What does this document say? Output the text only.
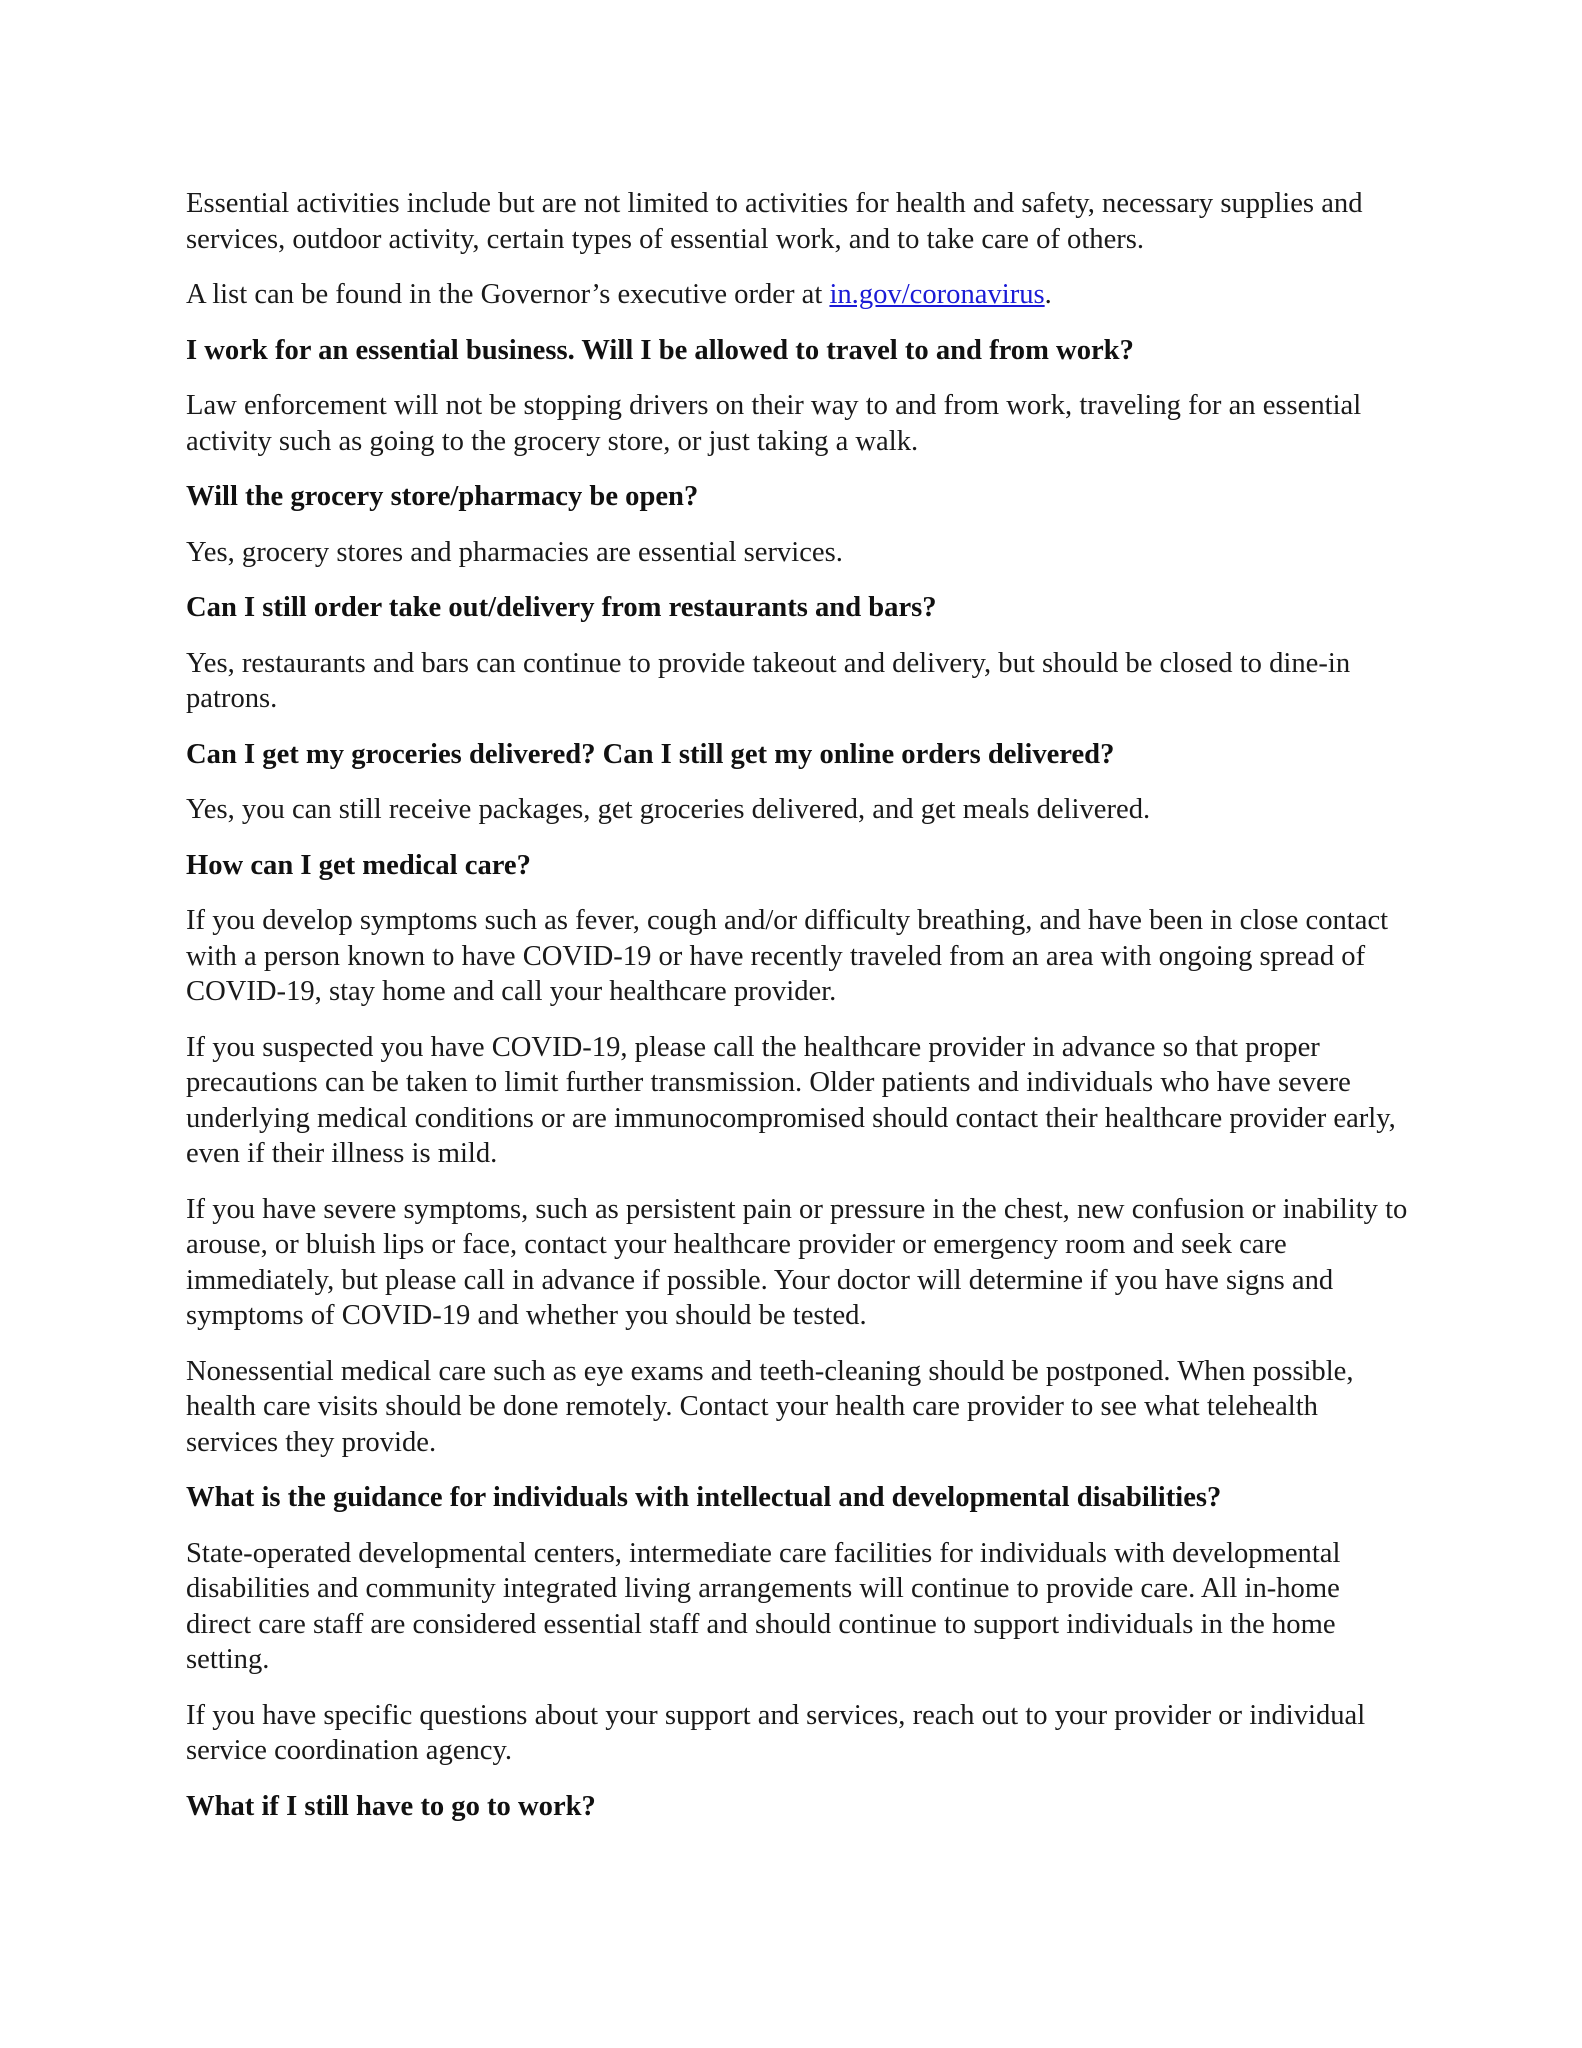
Essential activities include but are not limited to activities for health and safety, necessary supplies and services, outdoor activity, certain types of essential work, and to take care of others.

A list can be found in the Governor’s executive order at in.gov/coronavirus.

I work for an essential business. Will I be allowed to travel to and from work?

Law enforcement will not be stopping drivers on their way to and from work, traveling for an essential activity such as going to the grocery store, or just taking a walk.

Will the grocery store/pharmacy be open?

Yes, grocery stores and pharmacies are essential services.

Can I still order take out/delivery from restaurants and bars?

Yes, restaurants and bars can continue to provide takeout and delivery, but should be closed to dine-in patrons.

Can I get my groceries delivered? Can I still get my online orders delivered?

Yes, you can still receive packages, get groceries delivered, and get meals delivered.

How can I get medical care?

If you develop symptoms such as fever, cough and/or difficulty breathing, and have been in close contact with a person known to have COVID-19 or have recently traveled from an area with ongoing spread of COVID-19, stay home and call your healthcare provider.

If you suspected you have COVID-19, please call the healthcare provider in advance so that proper precautions can be taken to limit further transmission. Older patients and individuals who have severe underlying medical conditions or are immunocompromised should contact their healthcare provider early, even if their illness is mild.

If you have severe symptoms, such as persistent pain or pressure in the chest, new confusion or inability to arouse, or bluish lips or face, contact your healthcare provider or emergency room and seek care immediately, but please call in advance if possible. Your doctor will determine if you have signs and symptoms of COVID-19 and whether you should be tested.

Nonessential medical care such as eye exams and teeth-cleaning should be postponed. When possible, health care visits should be done remotely. Contact your health care provider to see what telehealth services they provide.

What is the guidance for individuals with intellectual and developmental disabilities?

State-operated developmental centers, intermediate care facilities for individuals with developmental disabilities and community integrated living arrangements will continue to provide care. All in-home direct care staff are considered essential staff and should continue to support individuals in the home setting.

If you have specific questions about your support and services, reach out to your provider or individual service coordination agency.

What if I still have to go to work?
